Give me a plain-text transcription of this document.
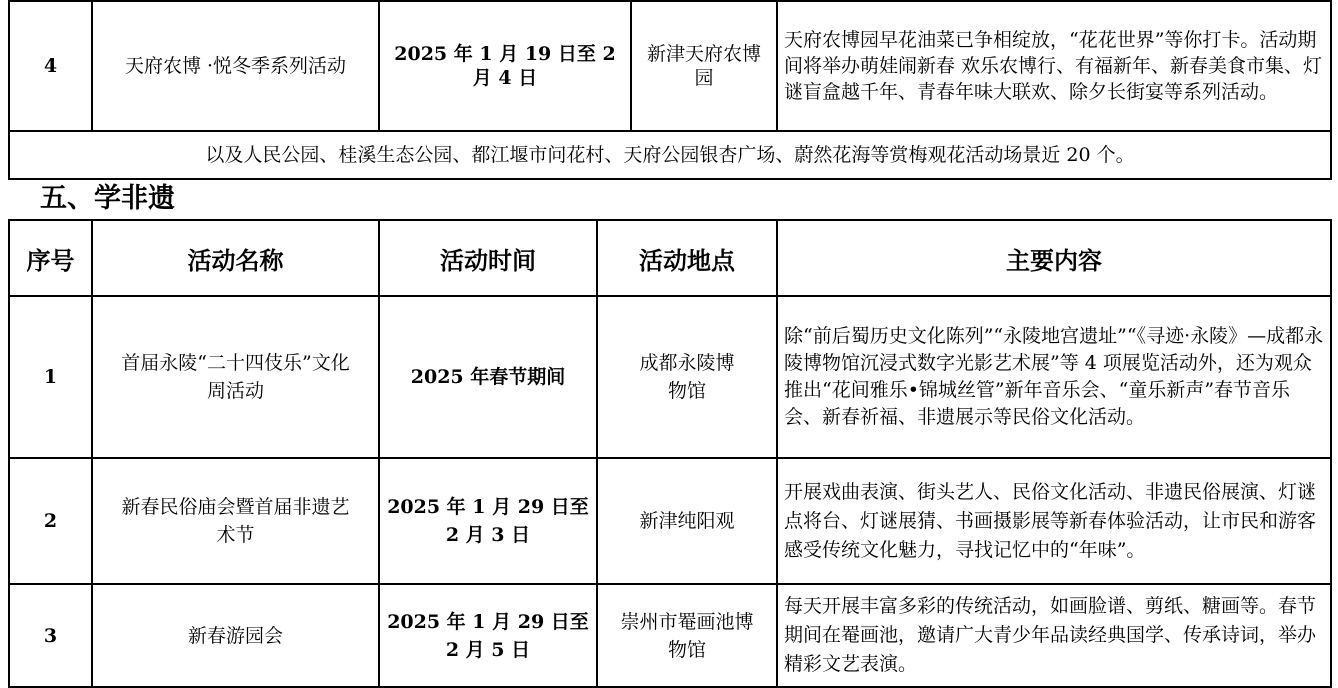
4	天府农博 ·悦冬季系列活动	2025 年 1 月 19 日至 2 月 4 日	新津天府农博园	天府农博园早花油菜已争相绽放，“花花世界”等你打卡。活动期间将举办萌娃闹新春 欢乐农博行、有福新年、新春美食市集、灯谜盲盒越千年、青春年味大联欢、除夕长街宴等系列活动。
以及人民公园、桂溪生态公园、都江堰市问花村、天府公园银杏广场、蔚然花海等赏梅观花活动场景近 20 个。
五、学非遗
序号	活动名称	活动时间	活动地点	主要内容
1	首届永陵“二十四伎乐”文化周活动	2025 年春节期间	成都永陵博物馆	除“前后蜀历史文化陈列”“永陵地宫遗址”“《寻迹·永陵》—成都永陵博物馆沉浸式数字光影艺术展”等 4 项展览活动外，还为观众推出“花间雅乐•锦城丝管”新年音乐会、“童乐新声”春节音乐会、新春祈福、非遗展示等民俗文化活动。
2	新春民俗庙会暨首届非遗艺术节	2025 年 1 月 29 日至 2 月 3 日	新津纯阳观	开展戏曲表演、街头艺人、民俗文化活动、非遗民俗展演、灯谜点将台、灯谜展猜、书画摄影展等新春体验活动，让市民和游客感受传统文化魅力，寻找记忆中的“年味”。
3	新春游园会	2025 年 1 月 29 日至 2 月 5 日	崇州市罨画池博物馆	每天开展丰富多彩的传统活动，如画脸谱、剪纸、糖画等。春节期间在罨画池，邀请广大青少年品读经典国学、传承诗词，举办精彩文艺表演。
